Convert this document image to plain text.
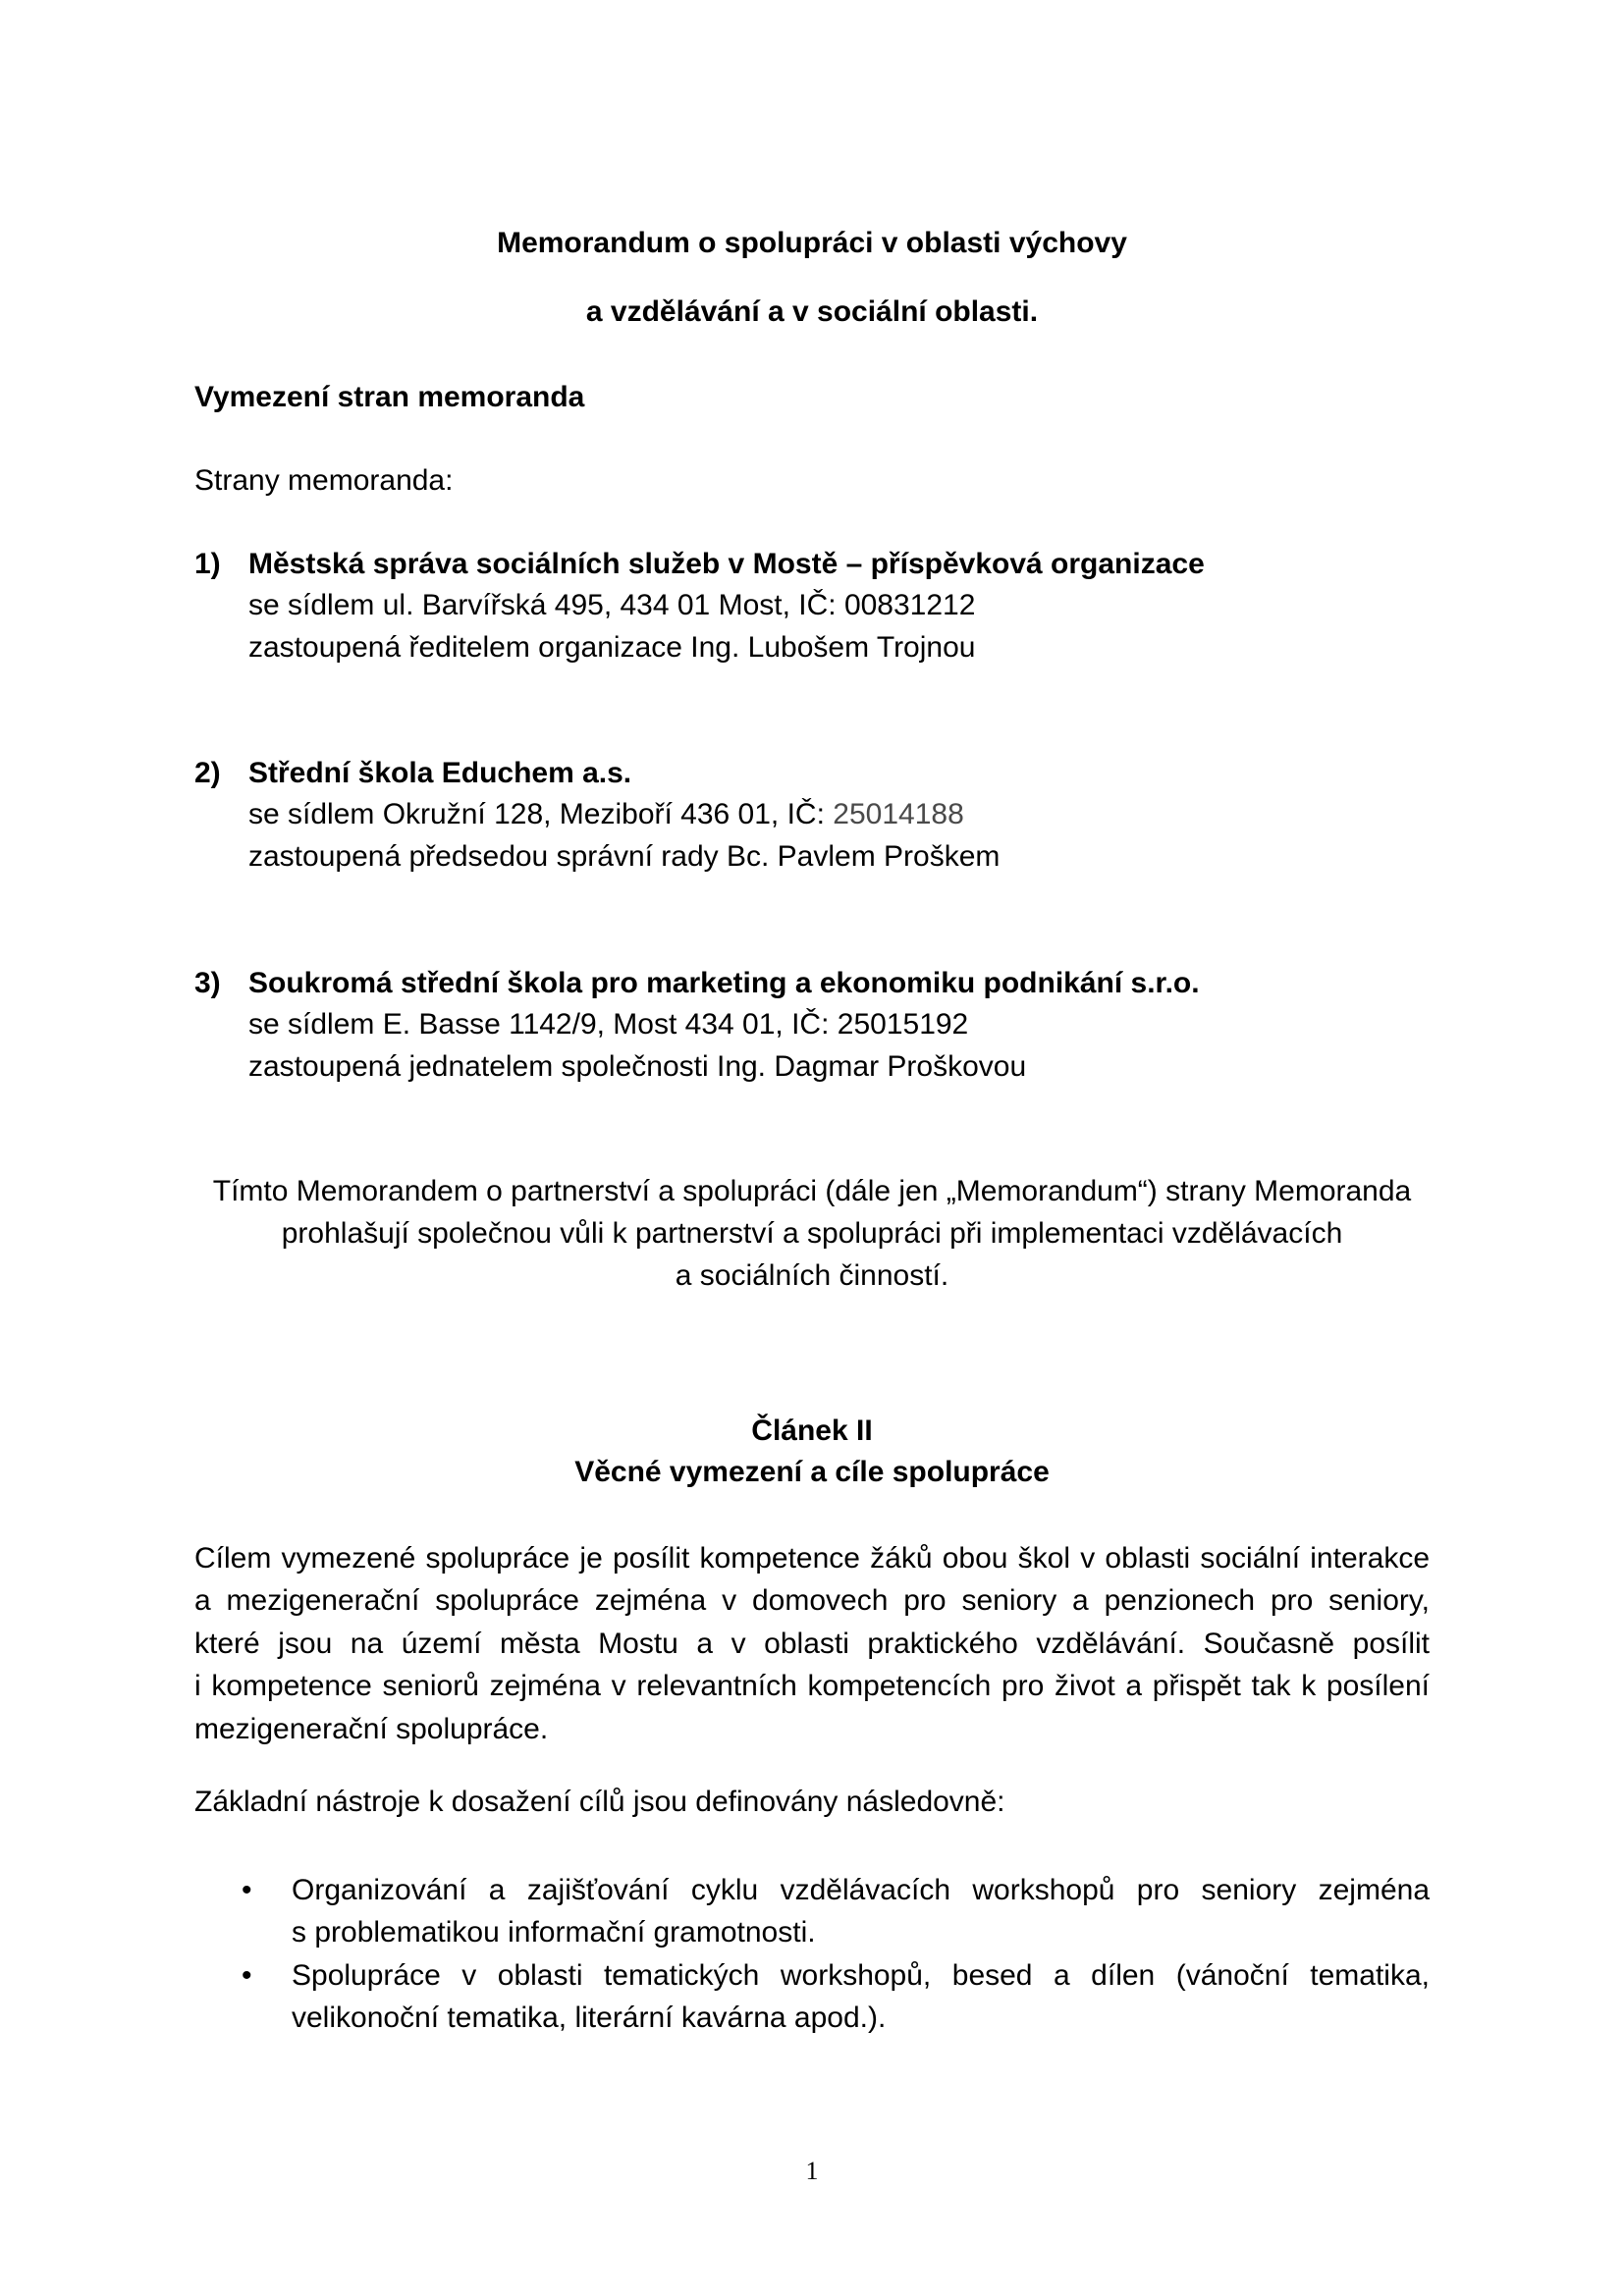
Memorandum o spolupráci v oblasti výchovy
a vzdělávání a v sociální oblasti.
Vymezení stran memoranda
Strany memoranda:
1) Městská správa sociálních služeb v Mostě – příspěvková organizace
se sídlem ul. Barvířská 495, 434 01 Most, IČ: 00831212
zastoupená ředitelem organizace Ing. Lubošem Trojnou
2) Střední škola Educhem a.s.
se sídlem Okružní 128, Meziboří 436 01, IČ: 25014188
zastoupená předsedou správní rady Bc. Pavlem Proškem
3) Soukromá střední škola pro marketing a ekonomiku podnikání s.r.o.
se sídlem E. Basse 1142/9, Most 434 01, IČ: 25015192
zastoupená jednatelem společnosti Ing. Dagmar Proškovou
Tímto Memorandem o partnerství a spolupráci (dále jen „Memorandum“) strany Memoranda
prohlašují společnou vůli k partnerství a spolupráci při implementaci vzdělávacích
a sociálních činností.
Článek II
Věcné vymezení a cíle spolupráce
Cílem vymezené spolupráce je posílit kompetence žáků obou škol v oblasti sociální interakce
a mezigenerační spolupráce zejména v domovech pro seniory a penzionech pro seniory,
které jsou na území města Mostu a v oblasti praktického vzdělávání. Současně posílit
i kompetence seniorů zejména v relevantních kompetencích pro život a přispět tak k posílení
mezigenerační spolupráce.
Základní nástroje k dosažení cílů jsou definovány následovně:
• Organizování a zajišťování cyklu vzdělávacích workshopů pro seniory zejména
s problematikou informační gramotnosti.
• Spolupráce v oblasti tematických workshopů, besed a dílen (vánoční tematika,
velikonoční tematika, literární kavárna apod.).
1
